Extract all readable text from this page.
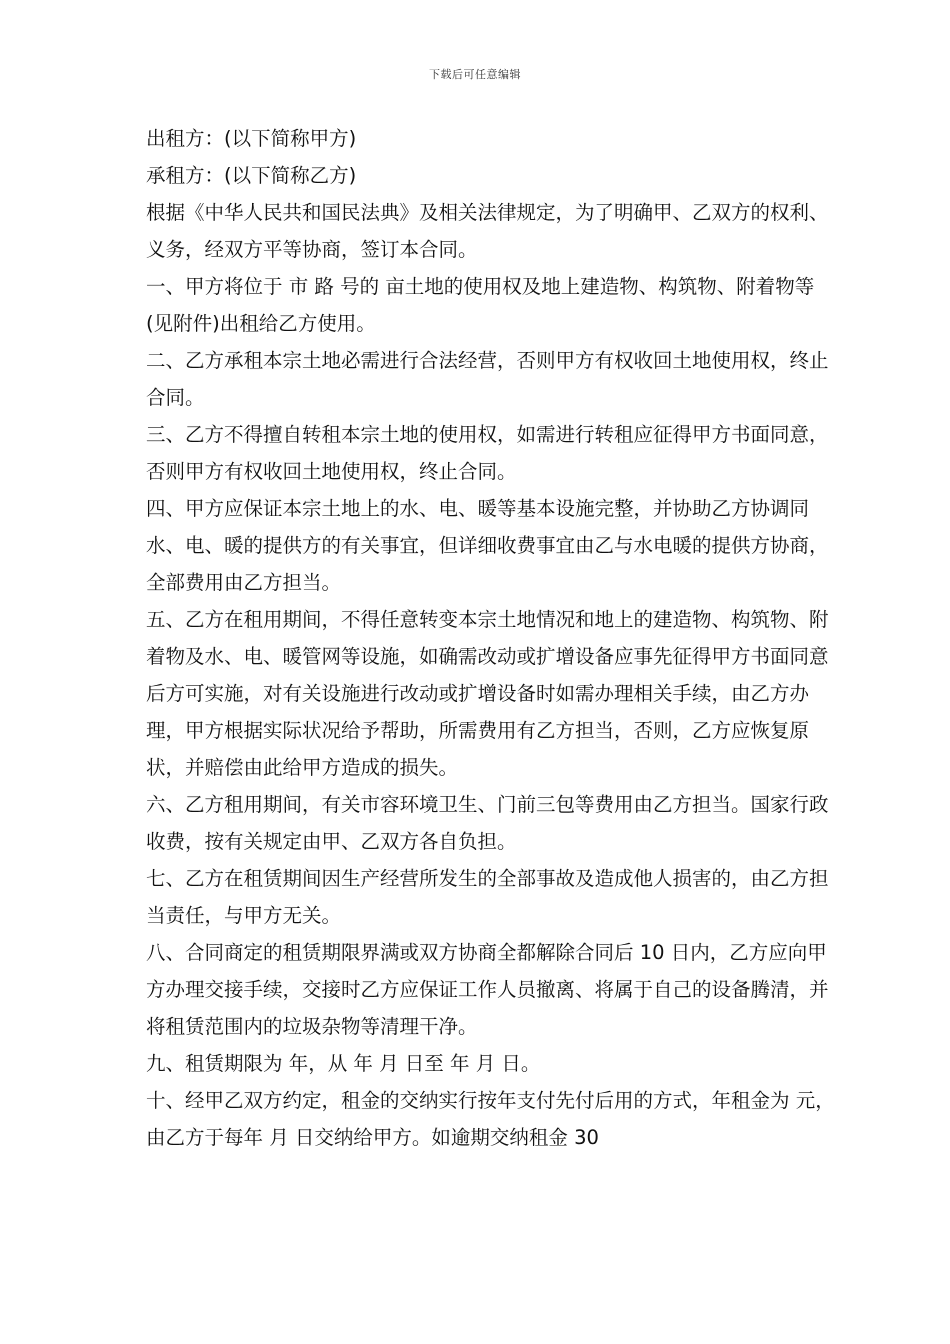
下载后可任意编辑

出租方：(以下简称甲方)

承租方：(以下简称乙方)

根据《中华人民共和国民法典》及相关法律规定，为了明确甲、乙双方的权利、义务，经双方平等协商，签订本合同。

一、甲方将位于 市 路 号的 亩土地的使用权及地上建造物、构筑物、附着物等(见附件)出租给乙方使用。

二、乙方承租本宗土地必需进行合法经营，否则甲方有权收回土地使用权，终止合同。

三、乙方不得擅自转租本宗土地的使用权，如需进行转租应征得甲方书面同意，否则甲方有权收回土地使用权，终止合同。

四、甲方应保证本宗土地上的水、电、暖等基本设施完整，并协助乙方协调同水、电、暖的提供方的有关事宜，但详细收费事宜由乙与水电暖的提供方协商，全部费用由乙方担当。

五、乙方在租用期间，不得任意转变本宗土地情况和地上的建造物、构筑物、附着物及水、电、暖管网等设施，如确需改动或扩增设备应事先征得甲方书面同意后方可实施，对有关设施进行改动或扩增设备时如需办理相关手续，由乙方办理，甲方根据实际状况给予帮助，所需费用有乙方担当，否则，乙方应恢复原状，并赔偿由此给甲方造成的损失。

六、乙方租用期间，有关市容环境卫生、门前三包等费用由乙方担当。国家行政收费，按有关规定由甲、乙双方各自负担。

七、乙方在租赁期间因生产经营所发生的全部事故及造成他人损害的，由乙方担当责任，与甲方无关。

八、合同商定的租赁期限界满或双方协商全都解除合同后 10 日内，乙方应向甲方办理交接手续，交接时乙方应保证工作人员撤离、将属于自己的设备腾清，并将租赁范围内的垃圾杂物等清理干净。

九、租赁期限为 年，从 年 月 日至 年 月 日。

十、经甲乙双方约定，租金的交纳实行按年支付先付后用的方式，年租金为 元，由乙方于每年 月 日交纳给甲方。如逾期交纳租金 30
